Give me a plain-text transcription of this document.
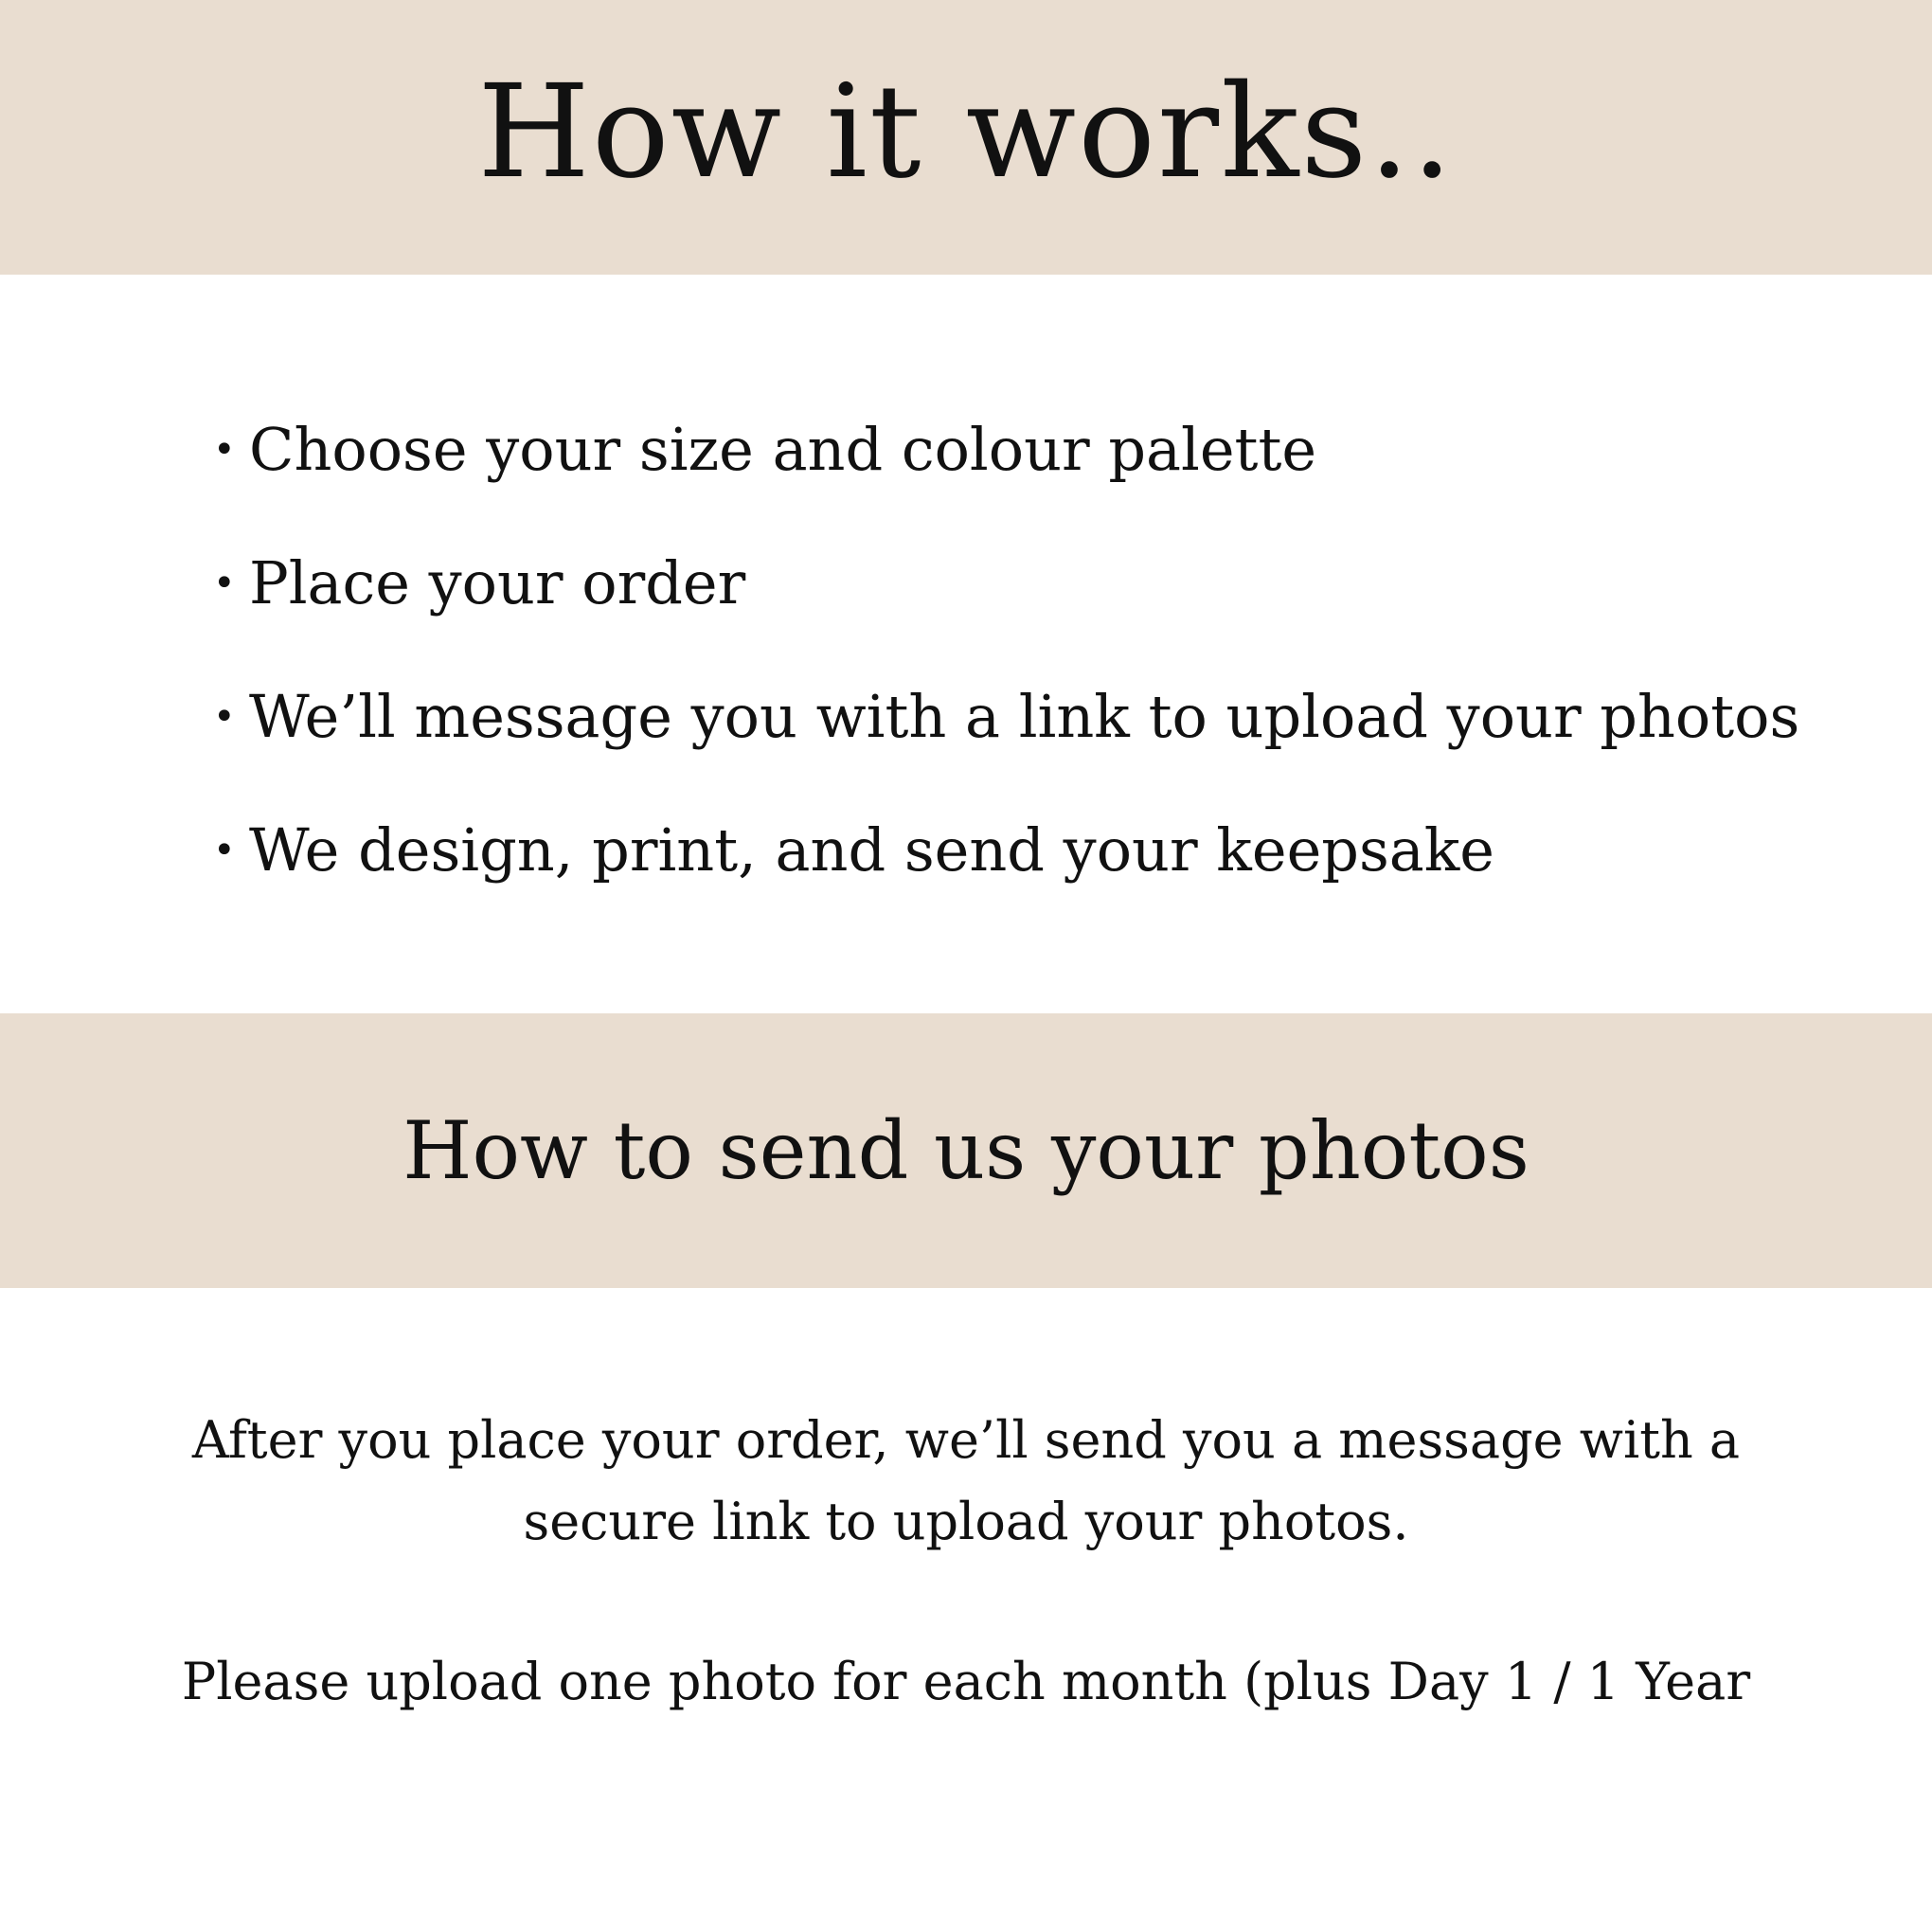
How it works..
• Choose your size and colour palette
• Place your order
• We’ll message you with a link to upload your photos
• We design, print, and send your keepsake
How to send us your photos

After you place your order, we’ll send you a message with a
secure link to upload your photos.

Please upload one photo for each month (plus Day 1 / 1 Year
